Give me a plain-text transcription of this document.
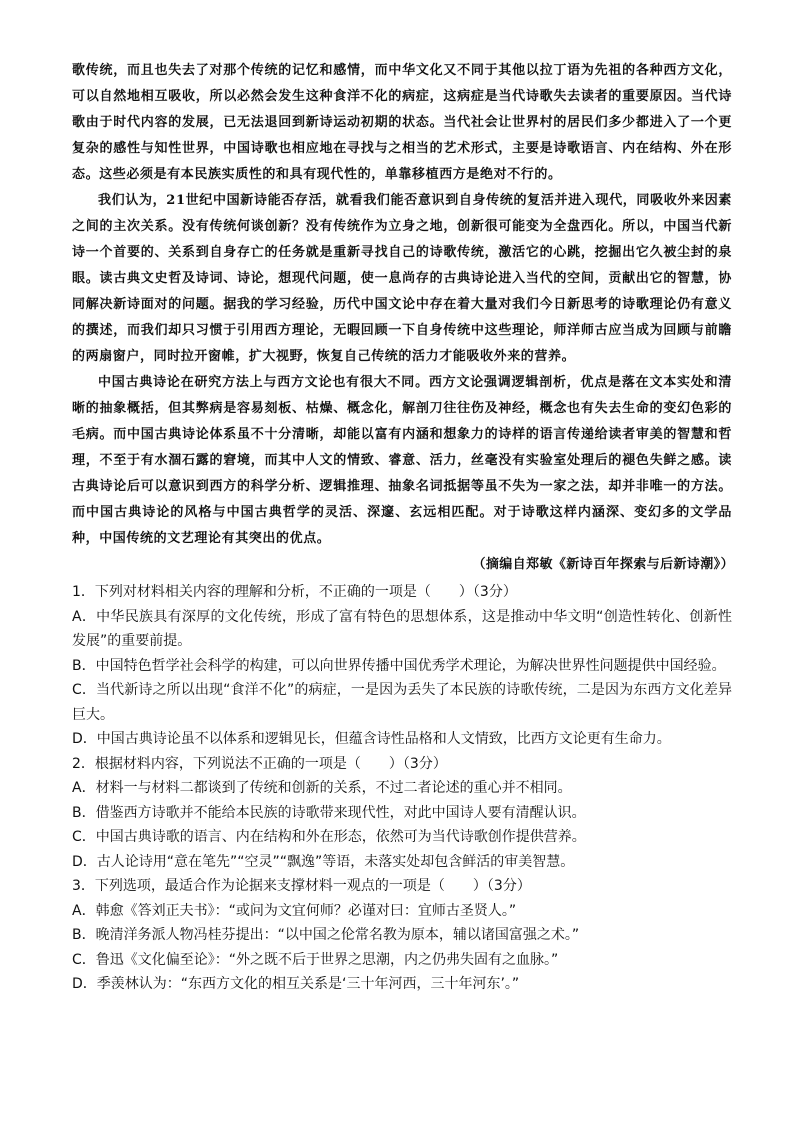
歌传统，而且也失去了对那个传统的记忆和感情，而中华文化又不同于其他以拉丁语为先祖的各种西方文化，可以自然地相互吸收，所以必然会发生这种食洋不化的病症，这病症是当代诗歌失去读者的重要原因。当代诗歌由于时代内容的发展，已无法退回到新诗运动初期的状态。当代社会让世界村的居民们多少都进入了一个更复杂的感性与知性世界，中国诗歌也相应地在寻找与之相当的艺术形式，主要是诗歌语言、内在结构、外在形态。这些必须是有本民族实质性的和具有现代性的，单靠移植西方是绝对不行的。

我们认为，21世纪中国新诗能否存活，就看我们能否意识到自身传统的复活并进入现代，同吸收外来因素之间的主次关系。没有传统何谈创新？没有传统作为立身之地，创新很可能变为全盘西化。所以，中国当代新诗一个首要的、关系到自身存亡的任务就是重新寻找自己的诗歌传统，激活它的心跳，挖掘出它久被尘封的泉眼。读古典文史哲及诗词、诗论，想现代问题，使一息尚存的古典诗论进入当代的空间，贡献出它的智慧，协同解决新诗面对的问题。据我的学习经验，历代中国文论中存在着大量对我们今日新思考的诗歌理论仍有意义的撰述，而我们却只习惯于引用西方理论，无暇回顾一下自身传统中这些理论，师洋师古应当成为回顾与前瞻的两扇窗户，同时拉开窗帷，扩大视野，恢复自己传统的活力才能吸收外来的营养。

中国古典诗论在研究方法上与西方文论也有很大不同。西方文论强调逻辑剖析，优点是落在文本实处和清晰的抽象概括，但其弊病是容易刻板、枯燥、概念化，解剖刀往往伤及神经，概念也有失去生命的变幻色彩的毛病。而中国古典诗论体系虽不十分清晰，却能以富有内涵和想象力的诗样的语言传递给读者审美的智慧和哲理，不至于有水涸石露的窘境，而其中人文的情致、睿意、活力，丝毫没有实验室处理后的褪色失鲜之感。读古典诗论后可以意识到西方的科学分析、逻辑推理、抽象名词抵据等虽不失为一家之法，却并非唯一的方法。而中国古典诗论的风格与中国古典哲学的灵活、深邃、玄远相匹配。对于诗歌这样内涵深、变幻多的文学品种，中国传统的文艺理论有其突出的优点。

（摘编自郑敏《新诗百年探索与后新诗潮》）

1．下列对材料相关内容的理解和分析，不正确的一项是（　　）（3分）

A．中华民族具有深厚的文化传统，形成了富有特色的思想体系，这是推动中华文明“创造性转化、创新性发展”的重要前提。

B．中国特色哲学社会科学的构建，可以向世界传播中国优秀学术理论，为解决世界性问题提供中国经验。

C．当代新诗之所以出现“食洋不化”的病症，一是因为丢失了本民族的诗歌传统，二是因为东西方文化差异巨大。

D．中国古典诗论虽不以体系和逻辑见长，但蕴含诗性品格和人文情致，比西方文论更有生命力。

2．根据材料内容，下列说法不正确的一项是（　　）（3分）

A．材料一与材料二都谈到了传统和创新的关系，不过二者论述的重心并不相同。

B．借鉴西方诗歌并不能给本民族的诗歌带来现代性，对此中国诗人要有清醒认识。

C．中国古典诗歌的语言、内在结构和外在形态，依然可为当代诗歌创作提供营养。

D．古人论诗用“意在笔先”“空灵”“飘逸”等语，未落实处却包含鲜活的审美智慧。

3．下列选项，最适合作为论据来支撑材料一观点的一项是（　　）（3分）

A．韩愈《答刘正夫书》：“或问为文宜何师？必谨对曰：宜师古圣贤人。”

B．晚清洋务派人物冯桂芬提出：“以中国之伦常名教为原本，辅以诸国富强之术。”

C．鲁迅《文化偏至论》：“外之既不后于世界之思潮，内之仍弗失固有之血脉。”

D．季羡林认为：“东西方文化的相互关系是‘三十年河西，三十年河东’。”
